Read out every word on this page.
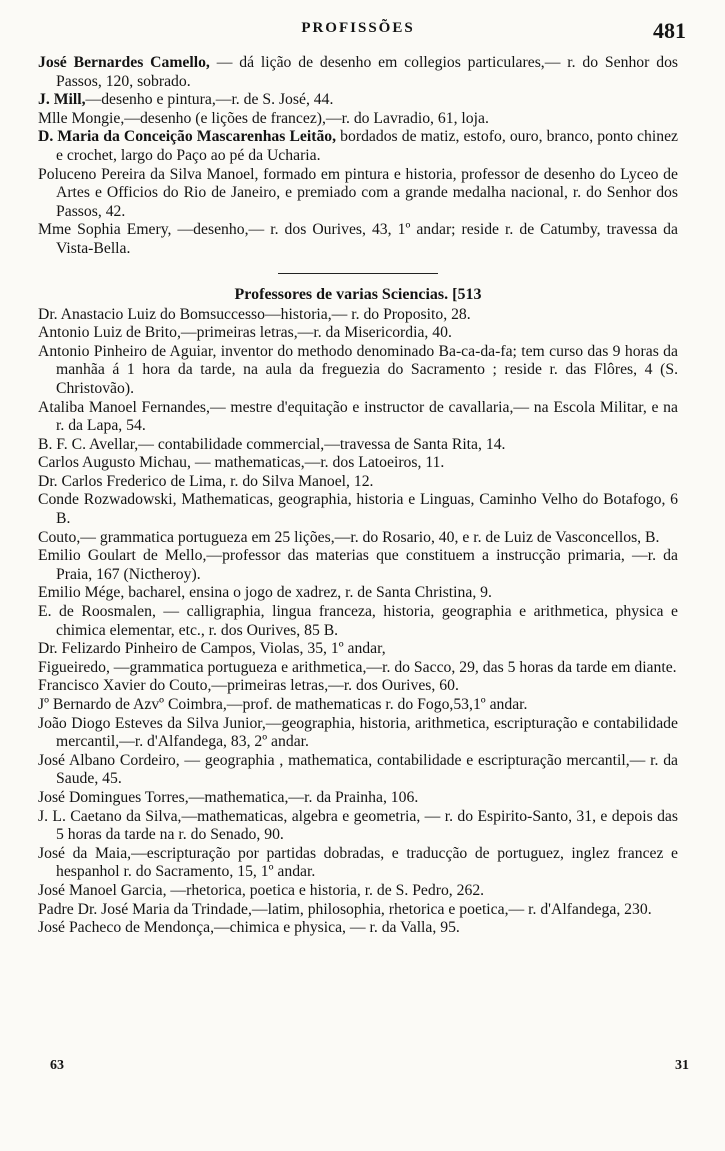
PROFISSÕES	481

José Bernardes Camello, — dá lição de desenho em collegios particulares,— r. do Senhor dos Passos, 120, sobrado.

J. Mill,—desenho e pintura,—r. de S. José, 44.

Mlle Mongie,—desenho (e lições de francez),—r. do Lavradio, 61, loja.

D. Maria da Conceição Mascarenhas Leitão, bordados de matiz, estofo, ouro, branco, ponto chinez e crochet, largo do Paço ao pé da Ucharia.

Poluceno Pereira da Silva Manoel, formado em pintura e historia, professor de desenho do Lyceo de Artes e Officios do Rio de Janeiro, e premiado com a grande medalha nacional, r. do Senhor dos Passos, 42.

Mme Sophia Emery, —desenho,— r. dos Ourives, 43, 1º andar; reside r. de Catumby, travessa da Vista-Bella.

Professores de varias Sciencias. [513

Dr. Anastacio Luiz do Bomsuccesso—historia,— r. do Proposito, 28.

Antonio Luiz de Brito,—primeiras letras,—r. da Misericordia, 40.

Antonio Pinheiro de Aguiar, inventor do methodo denominado Ba-ca-da-fa; tem curso das 9 horas da manhãa á 1 hora da tarde, na aula da freguezia do Sacramento ; reside r. das Flôres, 4 (S. Christovão).

Ataliba Manoel Fernandes,— mestre d'equitação e instructor de cavallaria,— na Escola Militar, e na r. da Lapa, 54.

B. F. C. Avellar,— contabilidade commercial,—travessa de Santa Rita, 14.

Carlos Augusto Michau, — mathematicas,—r. dos Latoeiros, 11.

Dr. Carlos Frederico de Lima, r. do Silva Manoel, 12.

Conde Rozwadowski, Mathematicas, geographia, historia e Linguas, Caminho Velho do Botafogo, 6 B.

Couto,— grammatica portugueza em 25 lições,—r. do Rosario, 40, e r. de Luiz de Vasconcellos, B.

Emilio Goulart de Mello,—professor das materias que constituem a instrucção primaria, —r. da Praia, 167 (Nictheroy).

Emilio Mége, bacharel, ensina o jogo de xadrez, r. de Santa Christina, 9.

E. de Roosmalen, — calligraphia, lingua franceza, historia, geographia e arithmetica, physica e chimica elementar, etc., r. dos Ourives, 85 B.

Dr. Felizardo Pinheiro de Campos, Violas, 35, 1º andar,

Figueiredo, —grammatica portugueza e arithmetica,—r. do Sacco, 29, das 5 horas da tarde em diante.

Francisco Xavier do Couto,—primeiras letras,—r. dos Ourives, 60.

Jº Bernardo de Azvº Coimbra,—prof. de mathematicas r. do Fogo,53,1º andar.

João Diogo Esteves da Silva Junior,—geographia, historia, arithmetica, escripturação e contabilidade mercantil,—r. d'Alfandega, 83, 2º andar.

José Albano Cordeiro, — geographia , mathematica, contabilidade e escripturação mercantil,— r. da Saude, 45.

José Domingues Torres,—mathematica,—r. da Prainha, 106.

J. L. Caetano da Silva,—mathematicas, algebra e geometria, — r. do Espirito-Santo, 31, e depois das 5 horas da tarde na r. do Senado, 90.

José da Maia,—escripturação por partidas dobradas, e traducção de portuguez, inglez francez e hespanhol r. do Sacramento, 15, 1º andar.

José Manoel Garcia, —rhetorica, poetica e historia, r. de S. Pedro, 262.

Padre Dr. José Maria da Trindade,—latim, philosophia, rhetorica e poetica,— r. d'Alfandega, 230.

José Pacheco de Mendonça,—chimica e physica, — r. da Valla, 95.

63	31
